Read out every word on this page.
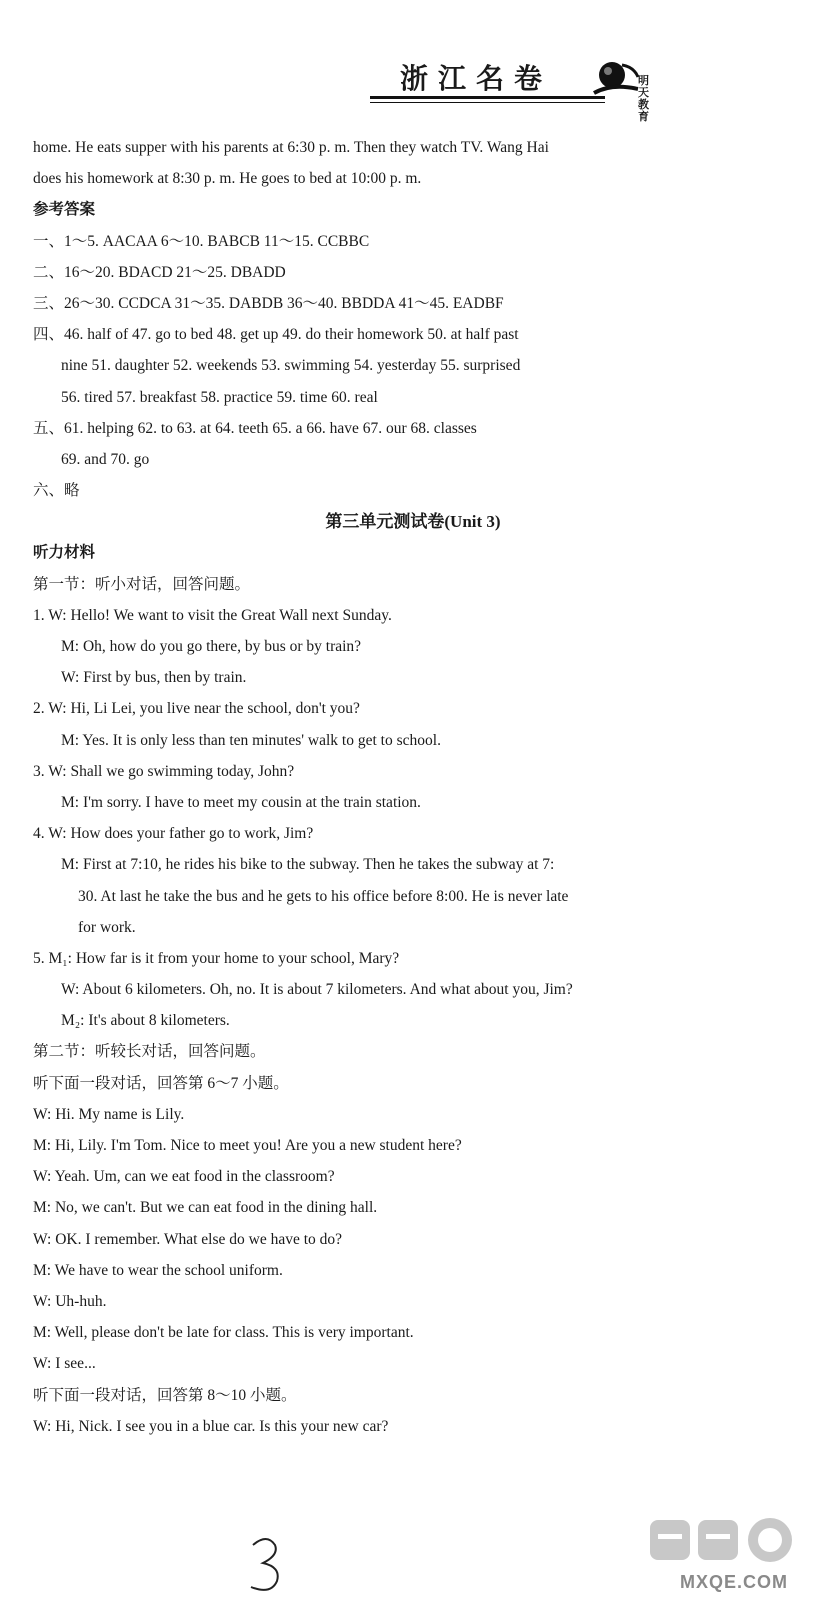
浙江名卷	明天教育
home. He eats supper with his parents at 6:30 p. m. Then they watch TV. Wang Hai
does his homework at 8:30 p. m. He goes to bed at 10:00 p. m.
参考答案
一、1～5. AACAA 6～10. BABCB 11～15. CCBBC
二、16～20. BDACD 21～25. DBADD
三、26～30. CCDCA 31～35. DABDB 36～40. BBDDA 41～45. EADBF
四、46. half of 47. go to bed 48. get up 49. do their homework 50. at half past
nine 51. daughter 52. weekends 53. swimming 54. yesterday 55. surprised
56. tired 57. breakfast 58. practice 59. time 60. real
五、61. helping 62. to 63. at 64. teeth 65. a 66. have 67. our 68. classes
69. and 70. go
六、略
第三单元测试卷(Unit 3)
听力材料
第一节：听小对话，回答问题。
1. W: Hello! We want to visit the Great Wall next Sunday.
M: Oh, how do you go there, by bus or by train?
W: First by bus, then by train.
2. W: Hi, Li Lei, you live near the school, don't you?
M: Yes. It is only less than ten minutes' walk to get to school.
3. W: Shall we go swimming today, John?
M: I'm sorry. I have to meet my cousin at the train station.
4. W: How does your father go to work, Jim?
M: First at 7:10, he rides his bike to the subway. Then he takes the subway at 7:
30. At last he take the bus and he gets to his office before 8:00. He is never late
for work.
5. M₁: How far is it from your home to your school, Mary?
W: About 6 kilometers. Oh, no. It is about 7 kilometers. And what about you, Jim?
M₂: It's about 8 kilometers.
第二节：听较长对话，回答问题。
听下面一段对话，回答第 6～7 小题。
W: Hi. My name is Lily.
M: Hi, Lily. I'm Tom. Nice to meet you! Are you a new student here?
W: Yeah. Um, can we eat food in the classroom?
M: No, we can't. But we can eat food in the dining hall.
W: OK. I remember. What else do we have to do?
M: We have to wear the school uniform.
W: Uh-huh.
M: Well, please don't be late for class. This is very important.
W: I see...
听下面一段对话，回答第 8～10 小题。
W: Hi, Nick. I see you in a blue car. Is this your new car?
MXQE.COM
